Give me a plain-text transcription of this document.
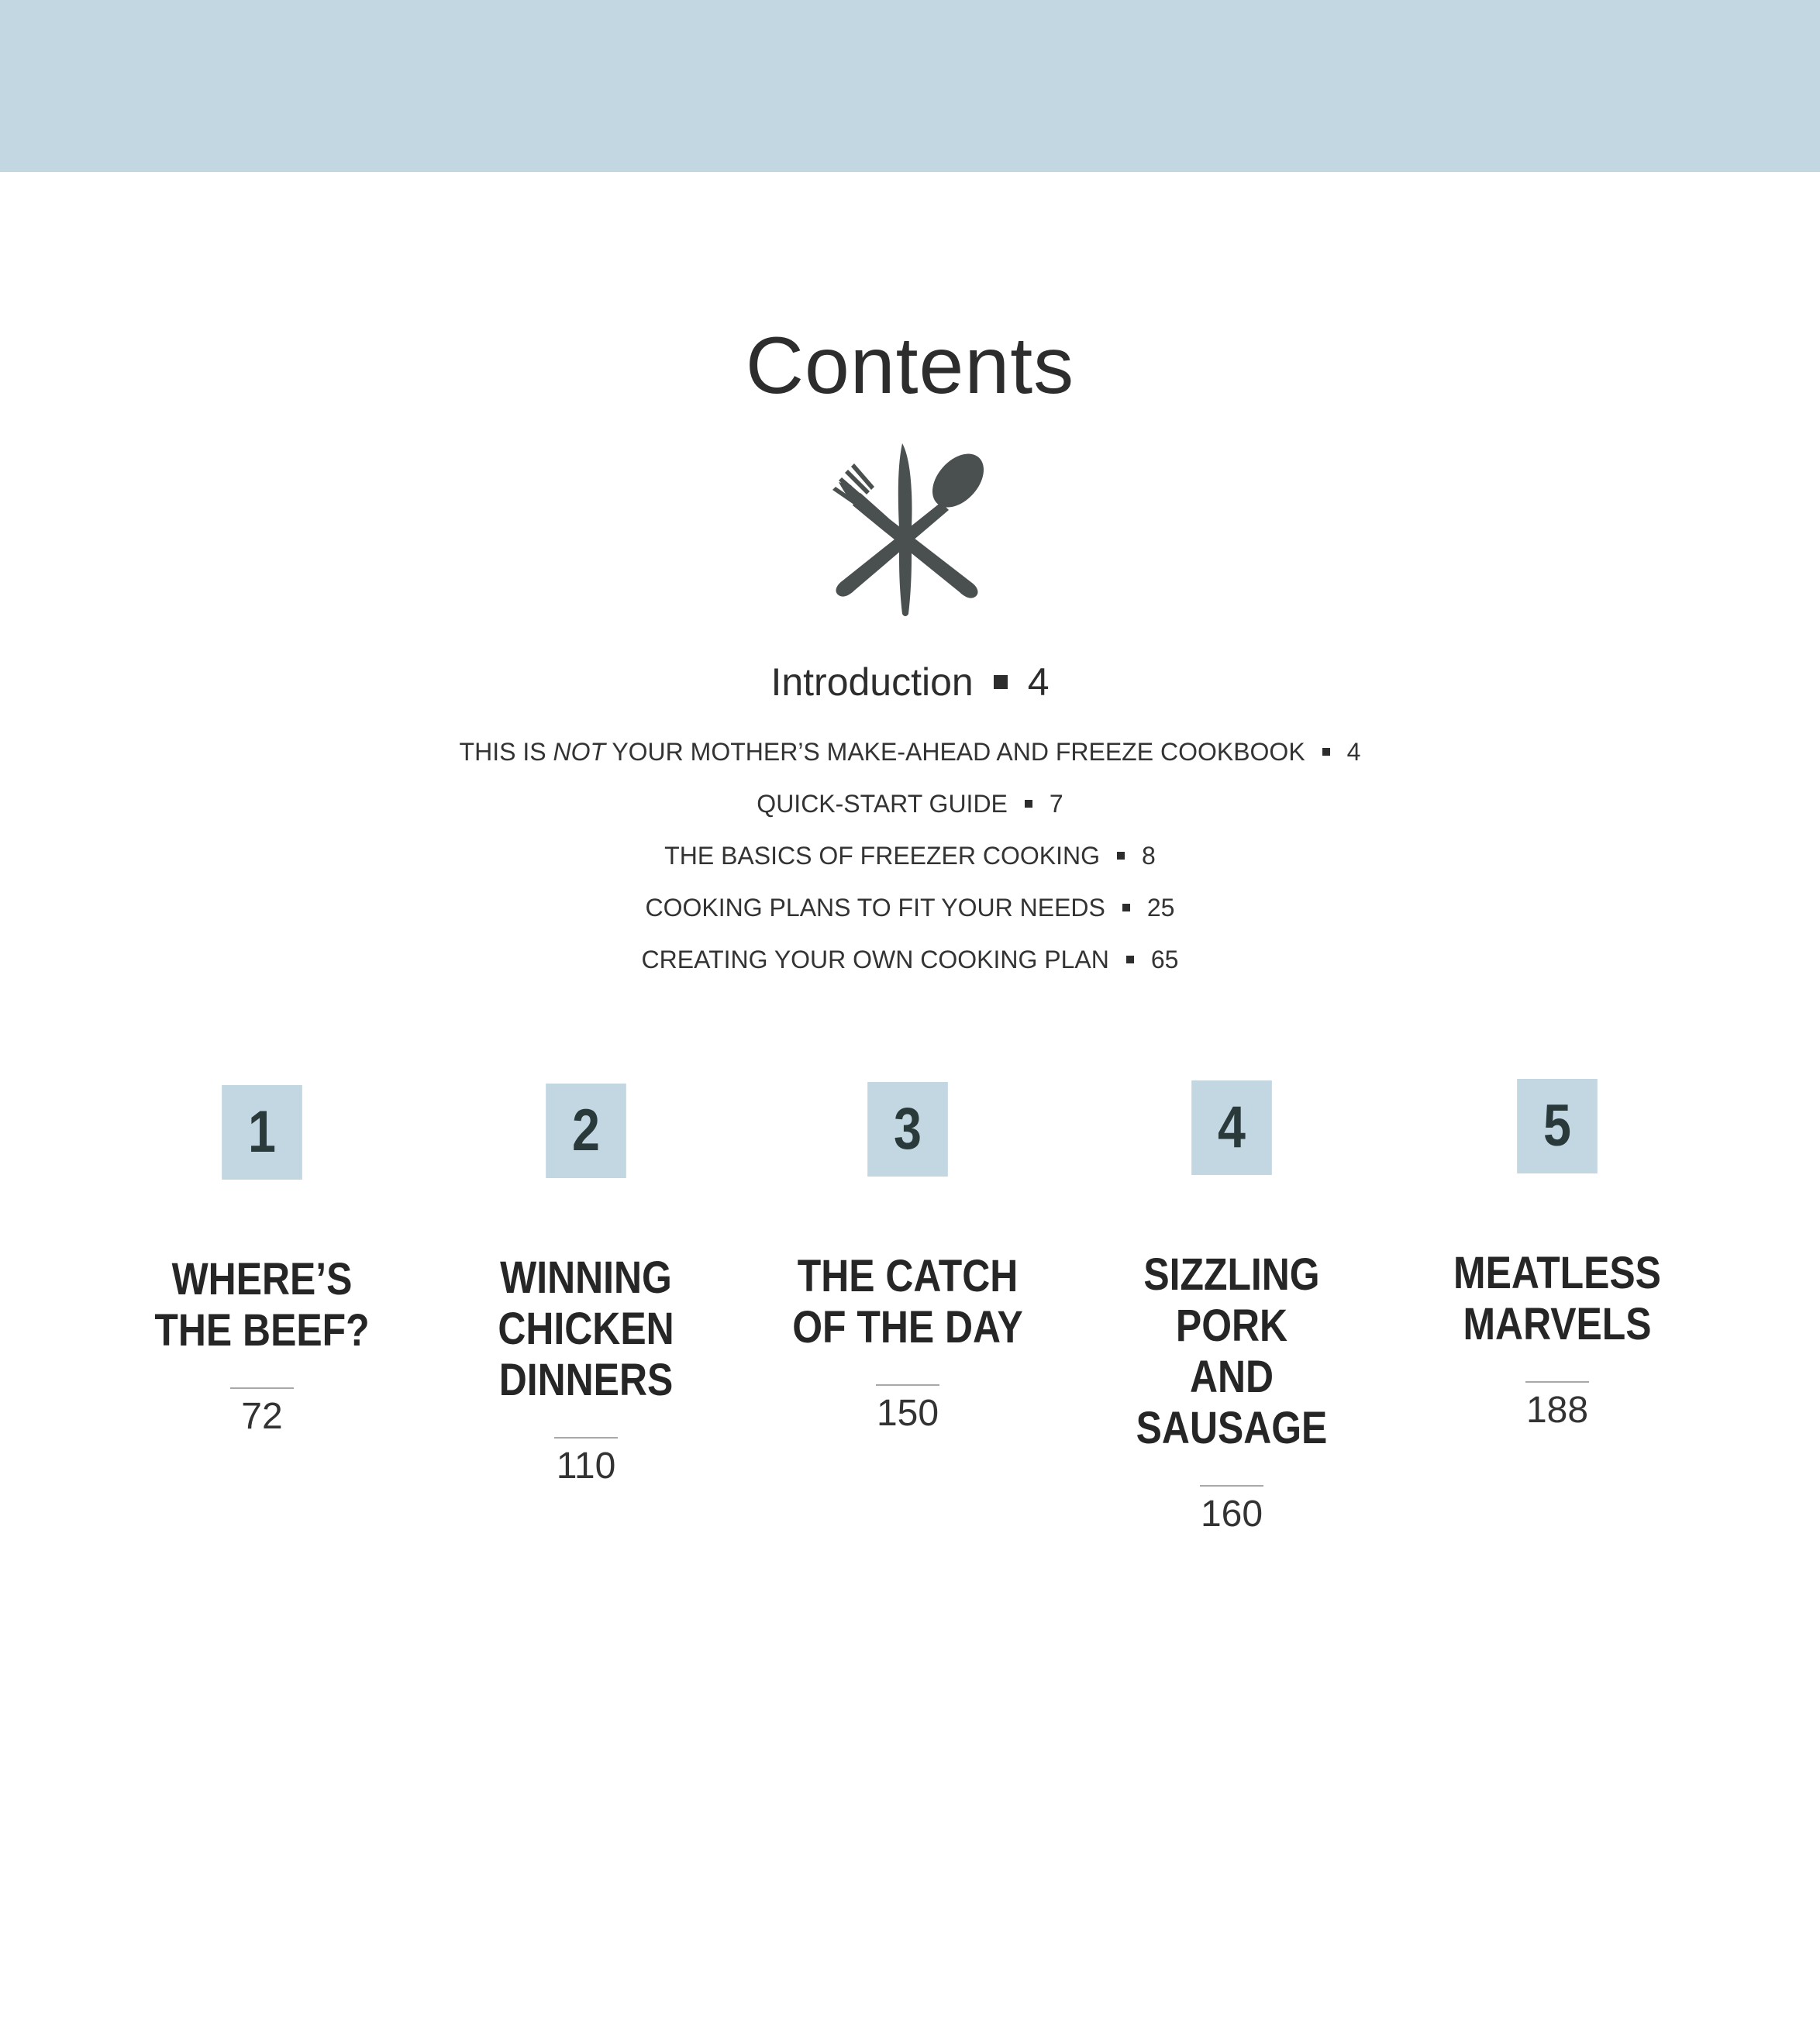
Contents
Introduction 4
THIS IS NOT YOUR MOTHER’S MAKE-AHEAD AND FREEZE COOKBOOK 4
QUICK-START GUIDE 7
THE BASICS OF FREEZER COOKING 8
COOKING PLANS TO FIT YOUR NEEDS 25
CREATING YOUR OWN COOKING PLAN 65
1
WHERE’S
THE BEEF?
72
2
WINNING
CHICKEN
DINNERS
110
3
THE CATCH
OF THE DAY
150
4
SIZZLING PORK
AND SAUSAGE
160
5
MEATLESS
MARVELS
188
